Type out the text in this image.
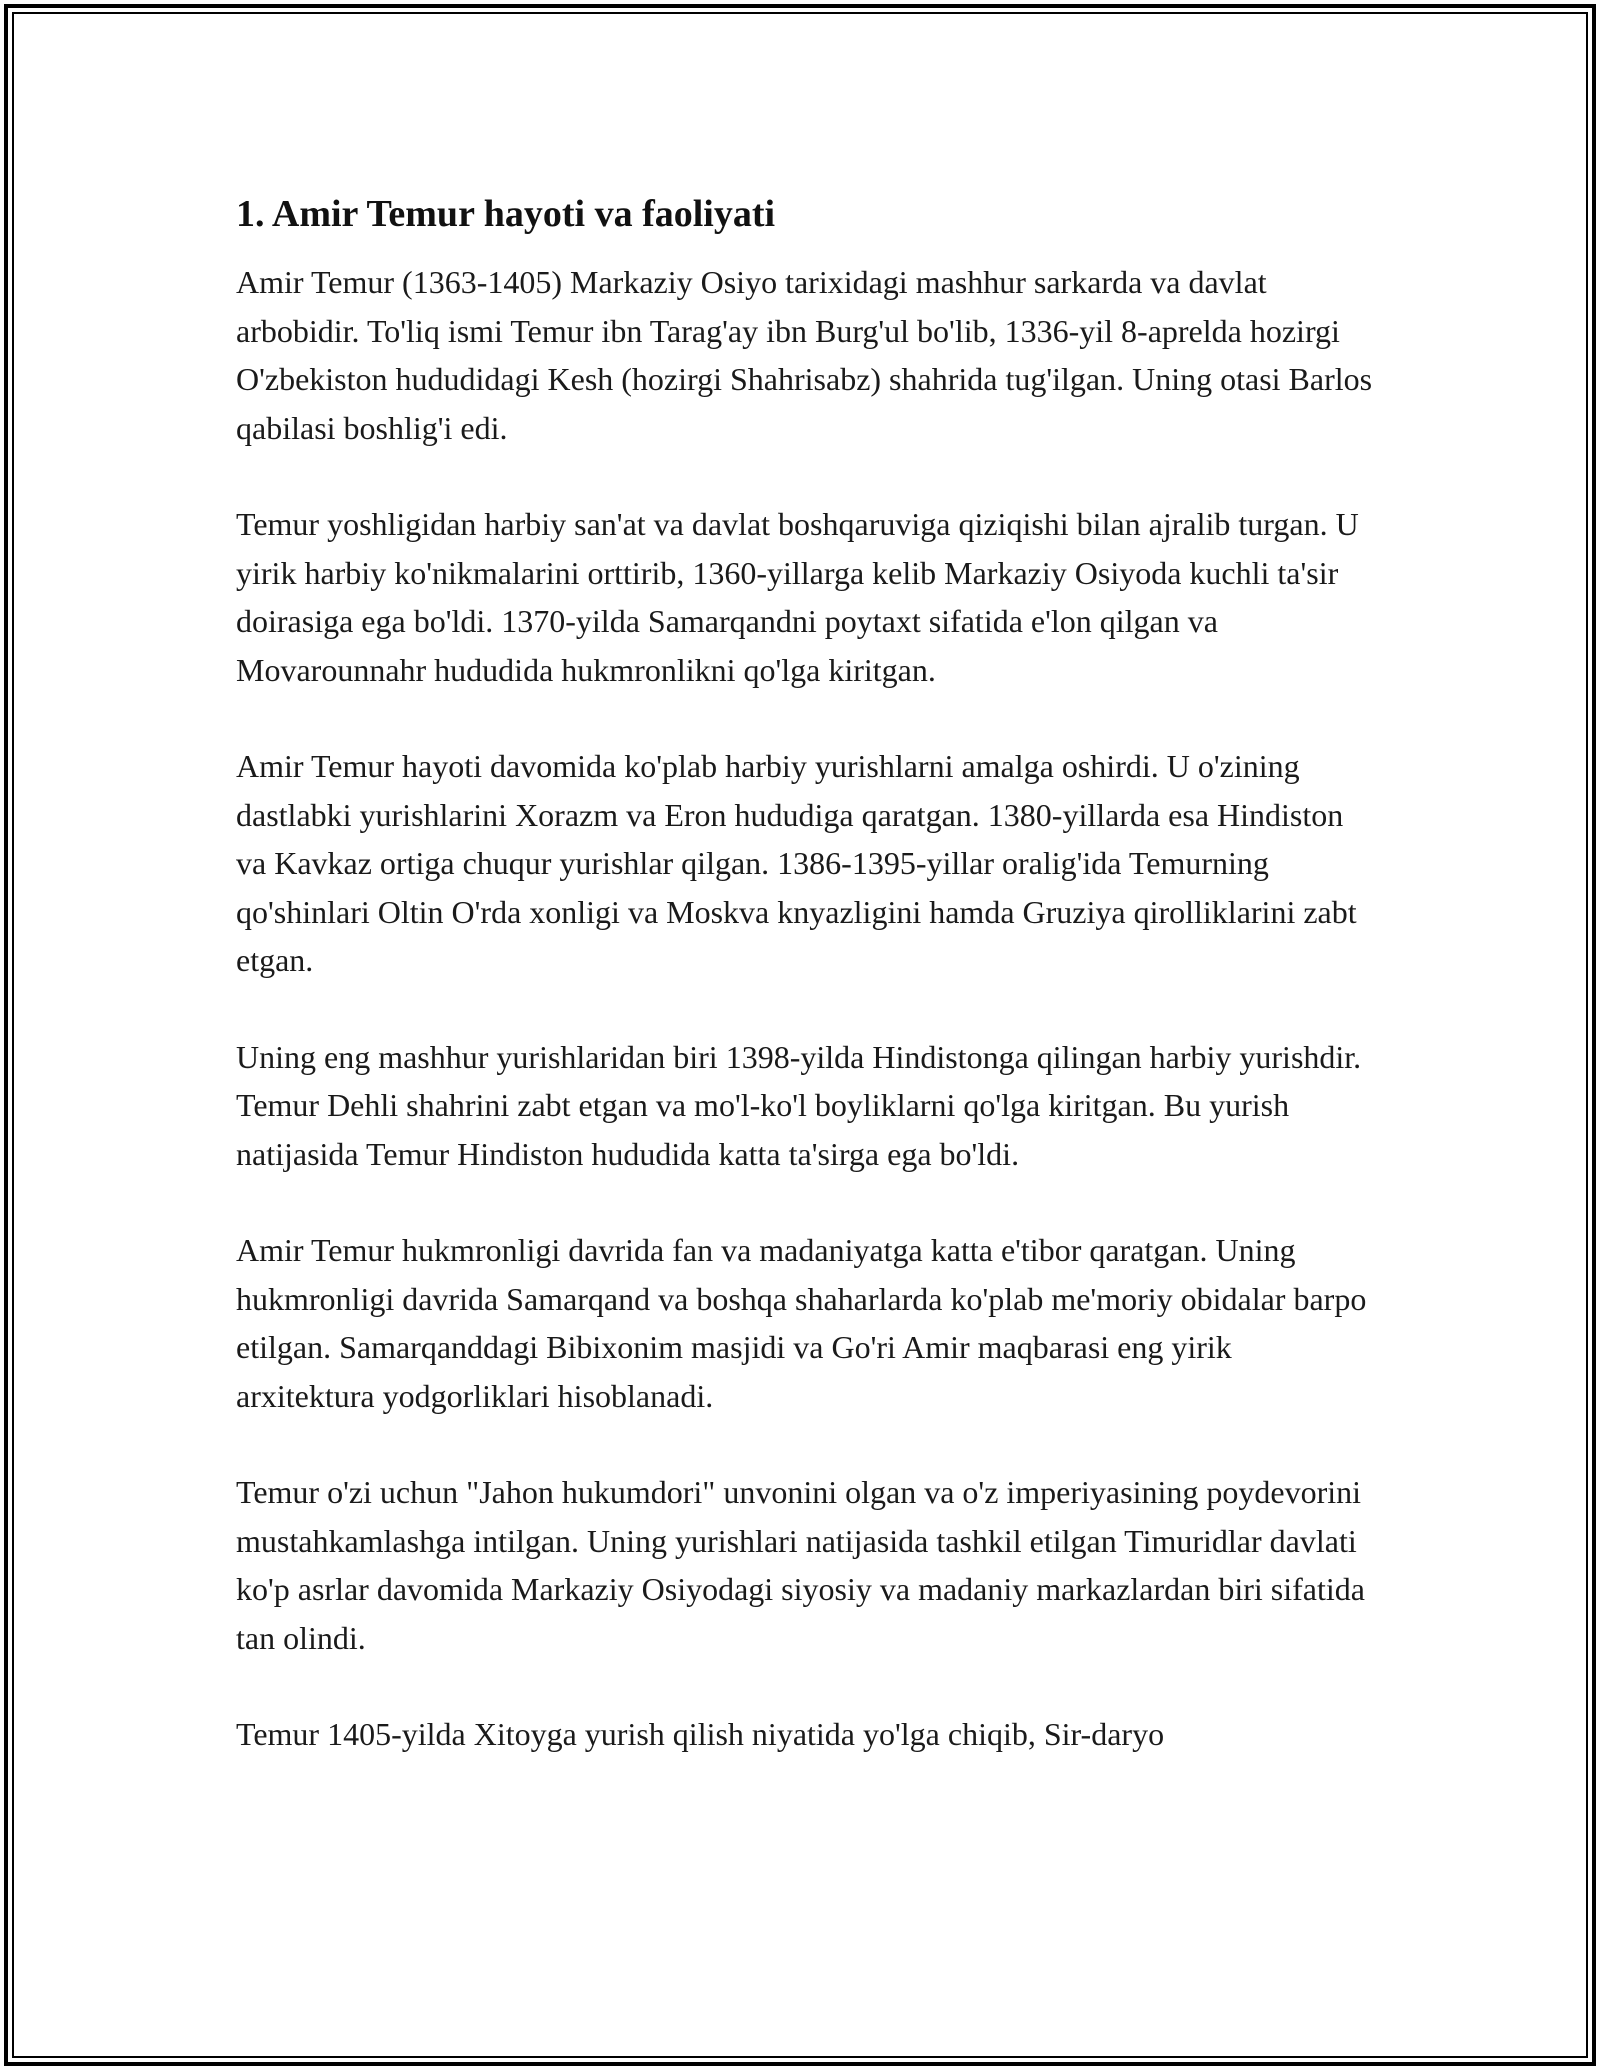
1. Amir Temur hayoti va faoliyati

Amir Temur (1363-1405) Markaziy Osiyo tarixidagi mashhur sarkarda va davlat arbobidir. To'liq ismi Temur ibn Tarag'ay ibn Burg'ul bo'lib, 1336-yil 8-aprelda hozirgi O'zbekiston hududidagi Kesh (hozirgi Shahrisabz) shahrida tug'ilgan. Uning otasi Barlos qabilasi boshlig'i edi.

Temur yoshligidan harbiy san'at va davlat boshqaruviga qiziqishi bilan ajralib turgan. U yirik harbiy ko'nikmalarini orttirib, 1360-yillarga kelib Markaziy Osiyoda kuchli ta'sir doirasiga ega bo'ldi. 1370-yilda Samarqandni poytaxt sifatida e'lon qilgan va Movarounnahr hududida hukmronlikni qo'lga kiritgan.

Amir Temur hayoti davomida ko'plab harbiy yurishlarni amalga oshirdi. U o'zining dastlabki yurishlarini Xorazm va Eron hududiga qaratgan. 1380-yillarda esa Hindiston va Kavkaz ortiga chuqur yurishlar qilgan. 1386-1395-yillar oralig'ida Temurning qo'shinlari Oltin O'rda xonligi va Moskva knyazligini hamda Gruziya qirolliklarini zabt etgan.

Uning eng mashhur yurishlaridan biri 1398-yilda Hindistonga qilingan harbiy yurishdir. Temur Dehli shahrini zabt etgan va mo'l-ko'l boyliklarni qo'lga kiritgan. Bu yurish natijasida Temur Hindiston hududida katta ta'sirga ega bo'ldi.

Amir Temur hukmronligi davrida fan va madaniyatga katta e'tibor qaratgan. Uning hukmronligi davrida Samarqand va boshqa shaharlarda ko'plab me'moriy obidalar barpo etilgan. Samarqanddagi Bibixonim masjidi va Go'ri Amir maqbarasi eng yirik arxitektura yodgorliklari hisoblanadi.

Temur o'zi uchun "Jahon hukumdori" unvonini olgan va o'z imperiyasining poydevorini mustahkamlashga intilgan. Uning yurishlari natijasida tashkil etilgan Timuridlar davlati ko'p asrlar davomida Markaziy Osiyodagi siyosiy va madaniy markazlardan biri sifatida tan olindi.

Temur 1405-yilda Xitoyga yurish qilish niyatida yo'lga chiqib, Sir-daryo
